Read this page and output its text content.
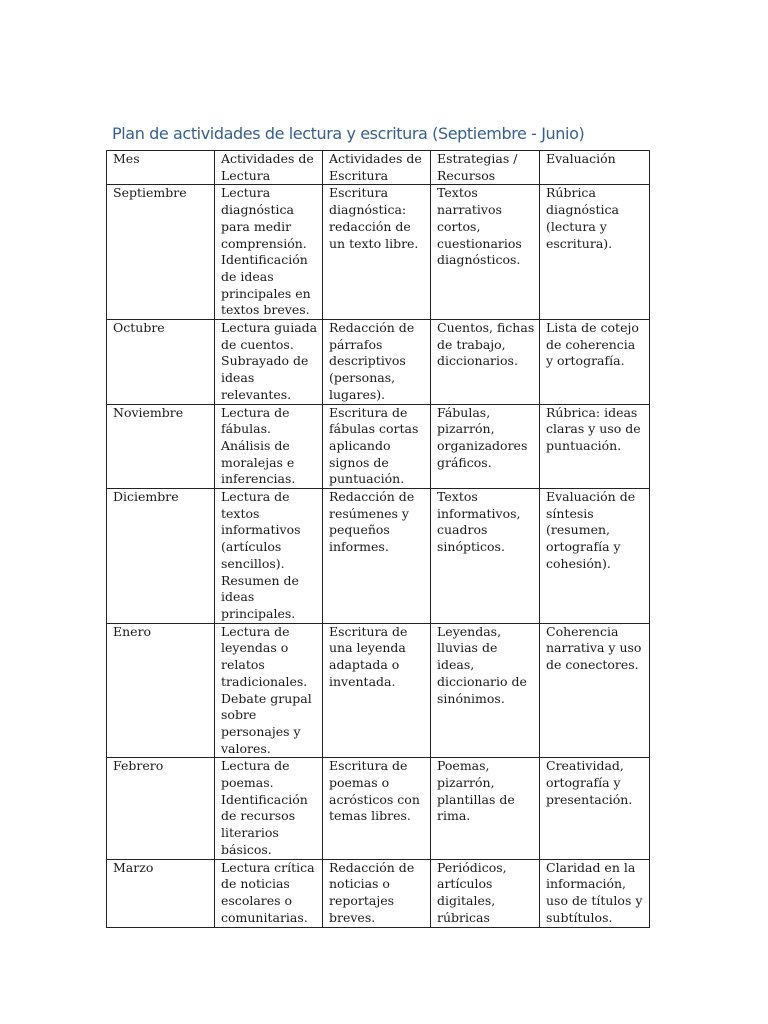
Plan de actividades de lectura y escritura (Septiembre - Junio)
Mes	Actividades de Lectura	Actividades de Escritura	Estrategias / Recursos	Evaluación
Septiembre	Lectura diagnóstica para medir comprensión. Identificación de ideas principales en textos breves.	Escritura diagnóstica: redacción de un texto libre.	Textos narrativos cortos, cuestionarios diagnósticos.	Rúbrica diagnóstica (lectura y escritura).
Octubre	Lectura guiada de cuentos. Subrayado de ideas relevantes.	Redacción de párrafos descriptivos (personas, lugares).	Cuentos, fichas de trabajo, diccionarios.	Lista de cotejo de coherencia y ortografía.
Noviembre	Lectura de fábulas. Análisis de moralejas e inferencias.	Escritura de fábulas cortas aplicando signos de puntuación.	Fábulas, pizarrón, organizadores gráficos.	Rúbrica: ideas claras y uso de puntuación.
Diciembre	Lectura de textos informativos (artículos sencillos). Resumen de ideas principales.	Redacción de resúmenes y pequeños informes.	Textos informativos, cuadros sinópticos.	Evaluación de síntesis (resumen, ortografía y cohesión).
Enero	Lectura de leyendas o relatos tradicionales. Debate grupal sobre personajes y valores.	Escritura de una leyenda adaptada o inventada.	Leyendas, lluvias de ideas, diccionario de sinónimos.	Coherencia narrativa y uso de conectores.
Febrero	Lectura de poemas. Identificación de recursos literarios básicos.	Escritura de poemas o acrósticos con temas libres.	Poemas, pizarrón, plantillas de rima.	Creatividad, ortografía y presentación.
Marzo	Lectura crítica de noticias escolares o comunitarias.	Redacción de noticias o reportajes breves.	Periódicos, artículos digitales, rúbricas	Claridad en la información, uso de títulos y subtítulos.
